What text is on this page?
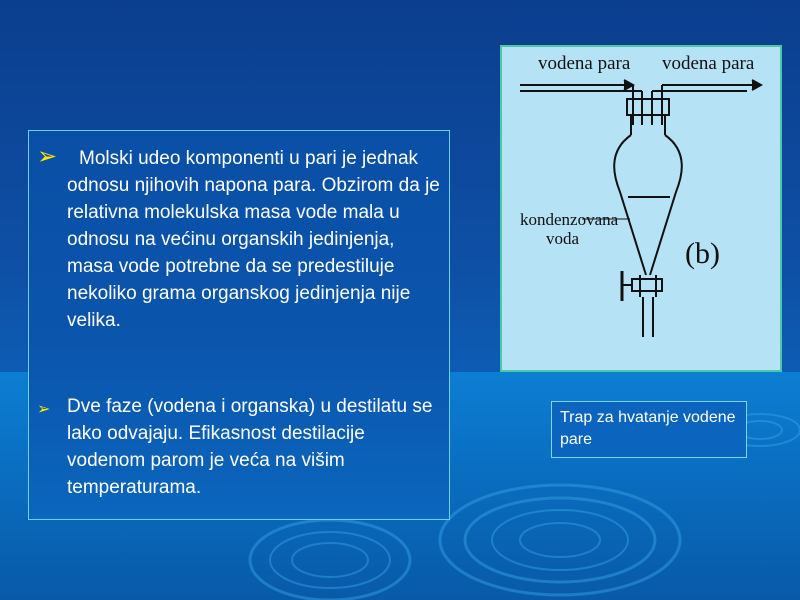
➢	Molski udeo komponenti u pari je jednak odnosu njihovih napona para. Obzirom da je relativna molekulska masa vode mala u odnosu na većinu organskih jedinjenja, masa vode potrebne da se predestiluje nekoliko grama organskog jedinjenja nije velika.
➢ Dve faze (vodena i organska) u destilatu se lako odvajaju. Efikasnost destilacije vodenom parom je veća na višim temperaturama.
vodena para vodena para
kondenzovana
voda	(b)
Trap za hvatanje vodene pare
